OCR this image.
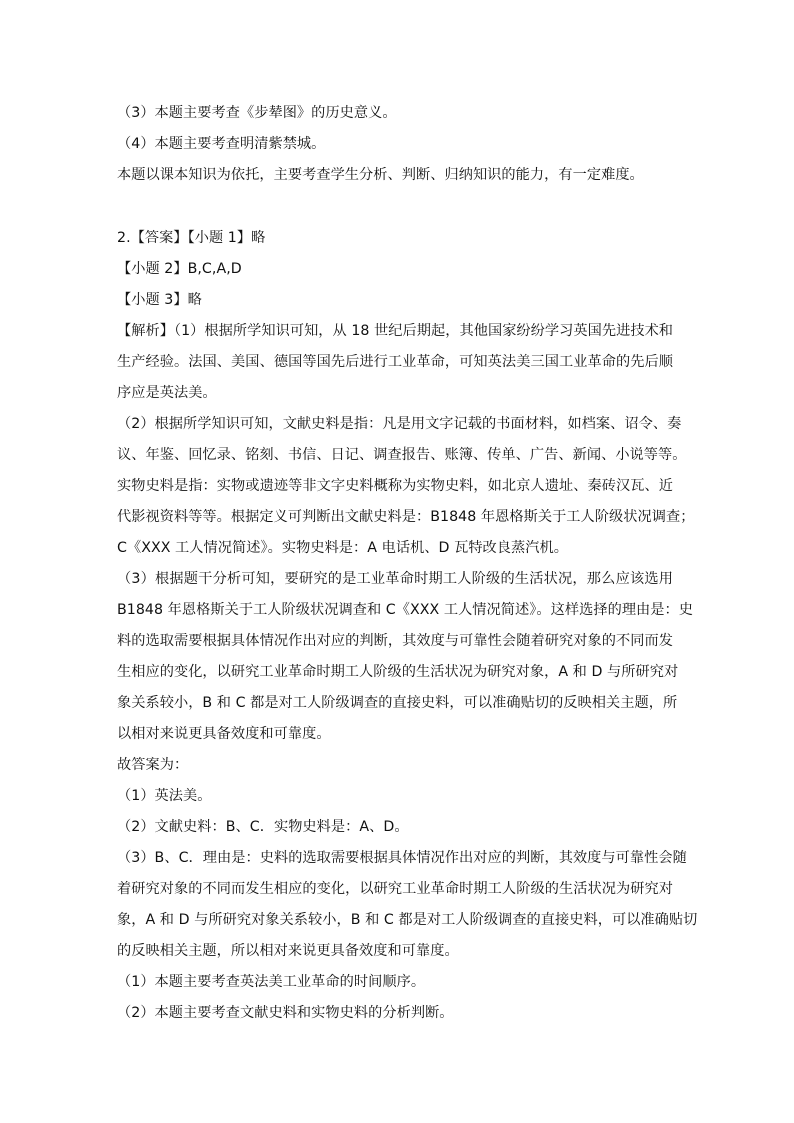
（3）本题主要考查《步辇图》的历史意义。
（4）本题主要考查明清紫禁城。
本题以课本知识为依托，主要考查学生分析、判断、归纳知识的能力，有一定难度。
2.【答案】【小题 1】略
【小题 2】B,C,A,D
【小题 3】略
【解析】（1）根据所学知识可知，从 18 世纪后期起，其他国家纷纷学习英国先进技术和
生产经验。法国、美国、德国等国先后进行工业革命，可知英法美三国工业革命的先后顺
序应是英法美。
（2）根据所学知识可知，文献史料是指：凡是用文字记载的书面材料，如档案、诏令、奏
议、年鉴、回忆录、铭刻、书信、日记、调查报告、账簿、传单、广告、新闻、小说等等。
实物史料是指：实物或遗迹等非文字史料概称为实物史料，如北京人遗址、秦砖汉瓦、近
代影视资料等等。根据定义可判断出文献史料是：B1848 年恩格斯关于工人阶级状况调查；
C《XXX 工人情况简述》。实物史料是：A 电话机、D 瓦特改良蒸汽机。
（3）根据题干分析可知，要研究的是工业革命时期工人阶级的生活状况，那么应该选用
B1848 年恩格斯关于工人阶级状况调查和 C《XXX 工人情况简述》。这样选择的理由是：史
料的选取需要根据具体情况作出对应的判断，其效度与可靠性会随着研究对象的不同而发
生相应的变化，以研究工业革命时期工人阶级的生活状况为研究对象，A 和 D 与所研究对
象关系较小，B 和 C 都是对工人阶级调查的直接史料，可以准确贴切的反映相关主题，所
以相对来说更具备效度和可靠度。
故答案为：
（1）英法美。
（2）文献史料：B、C．实物史料是：A、D。
（3）B、C．理由是：史料的选取需要根据具体情况作出对应的判断，其效度与可靠性会随
着研究对象的不同而发生相应的变化，以研究工业革命时期工人阶级的生活状况为研究对
象，A 和 D 与所研究对象关系较小，B 和 C 都是对工人阶级调查的直接史料，可以准确贴切
的反映相关主题，所以相对来说更具备效度和可靠度。
（1）本题主要考查英法美工业革命的时间顺序。
（2）本题主要考查文献史料和实物史料的分析判断。
